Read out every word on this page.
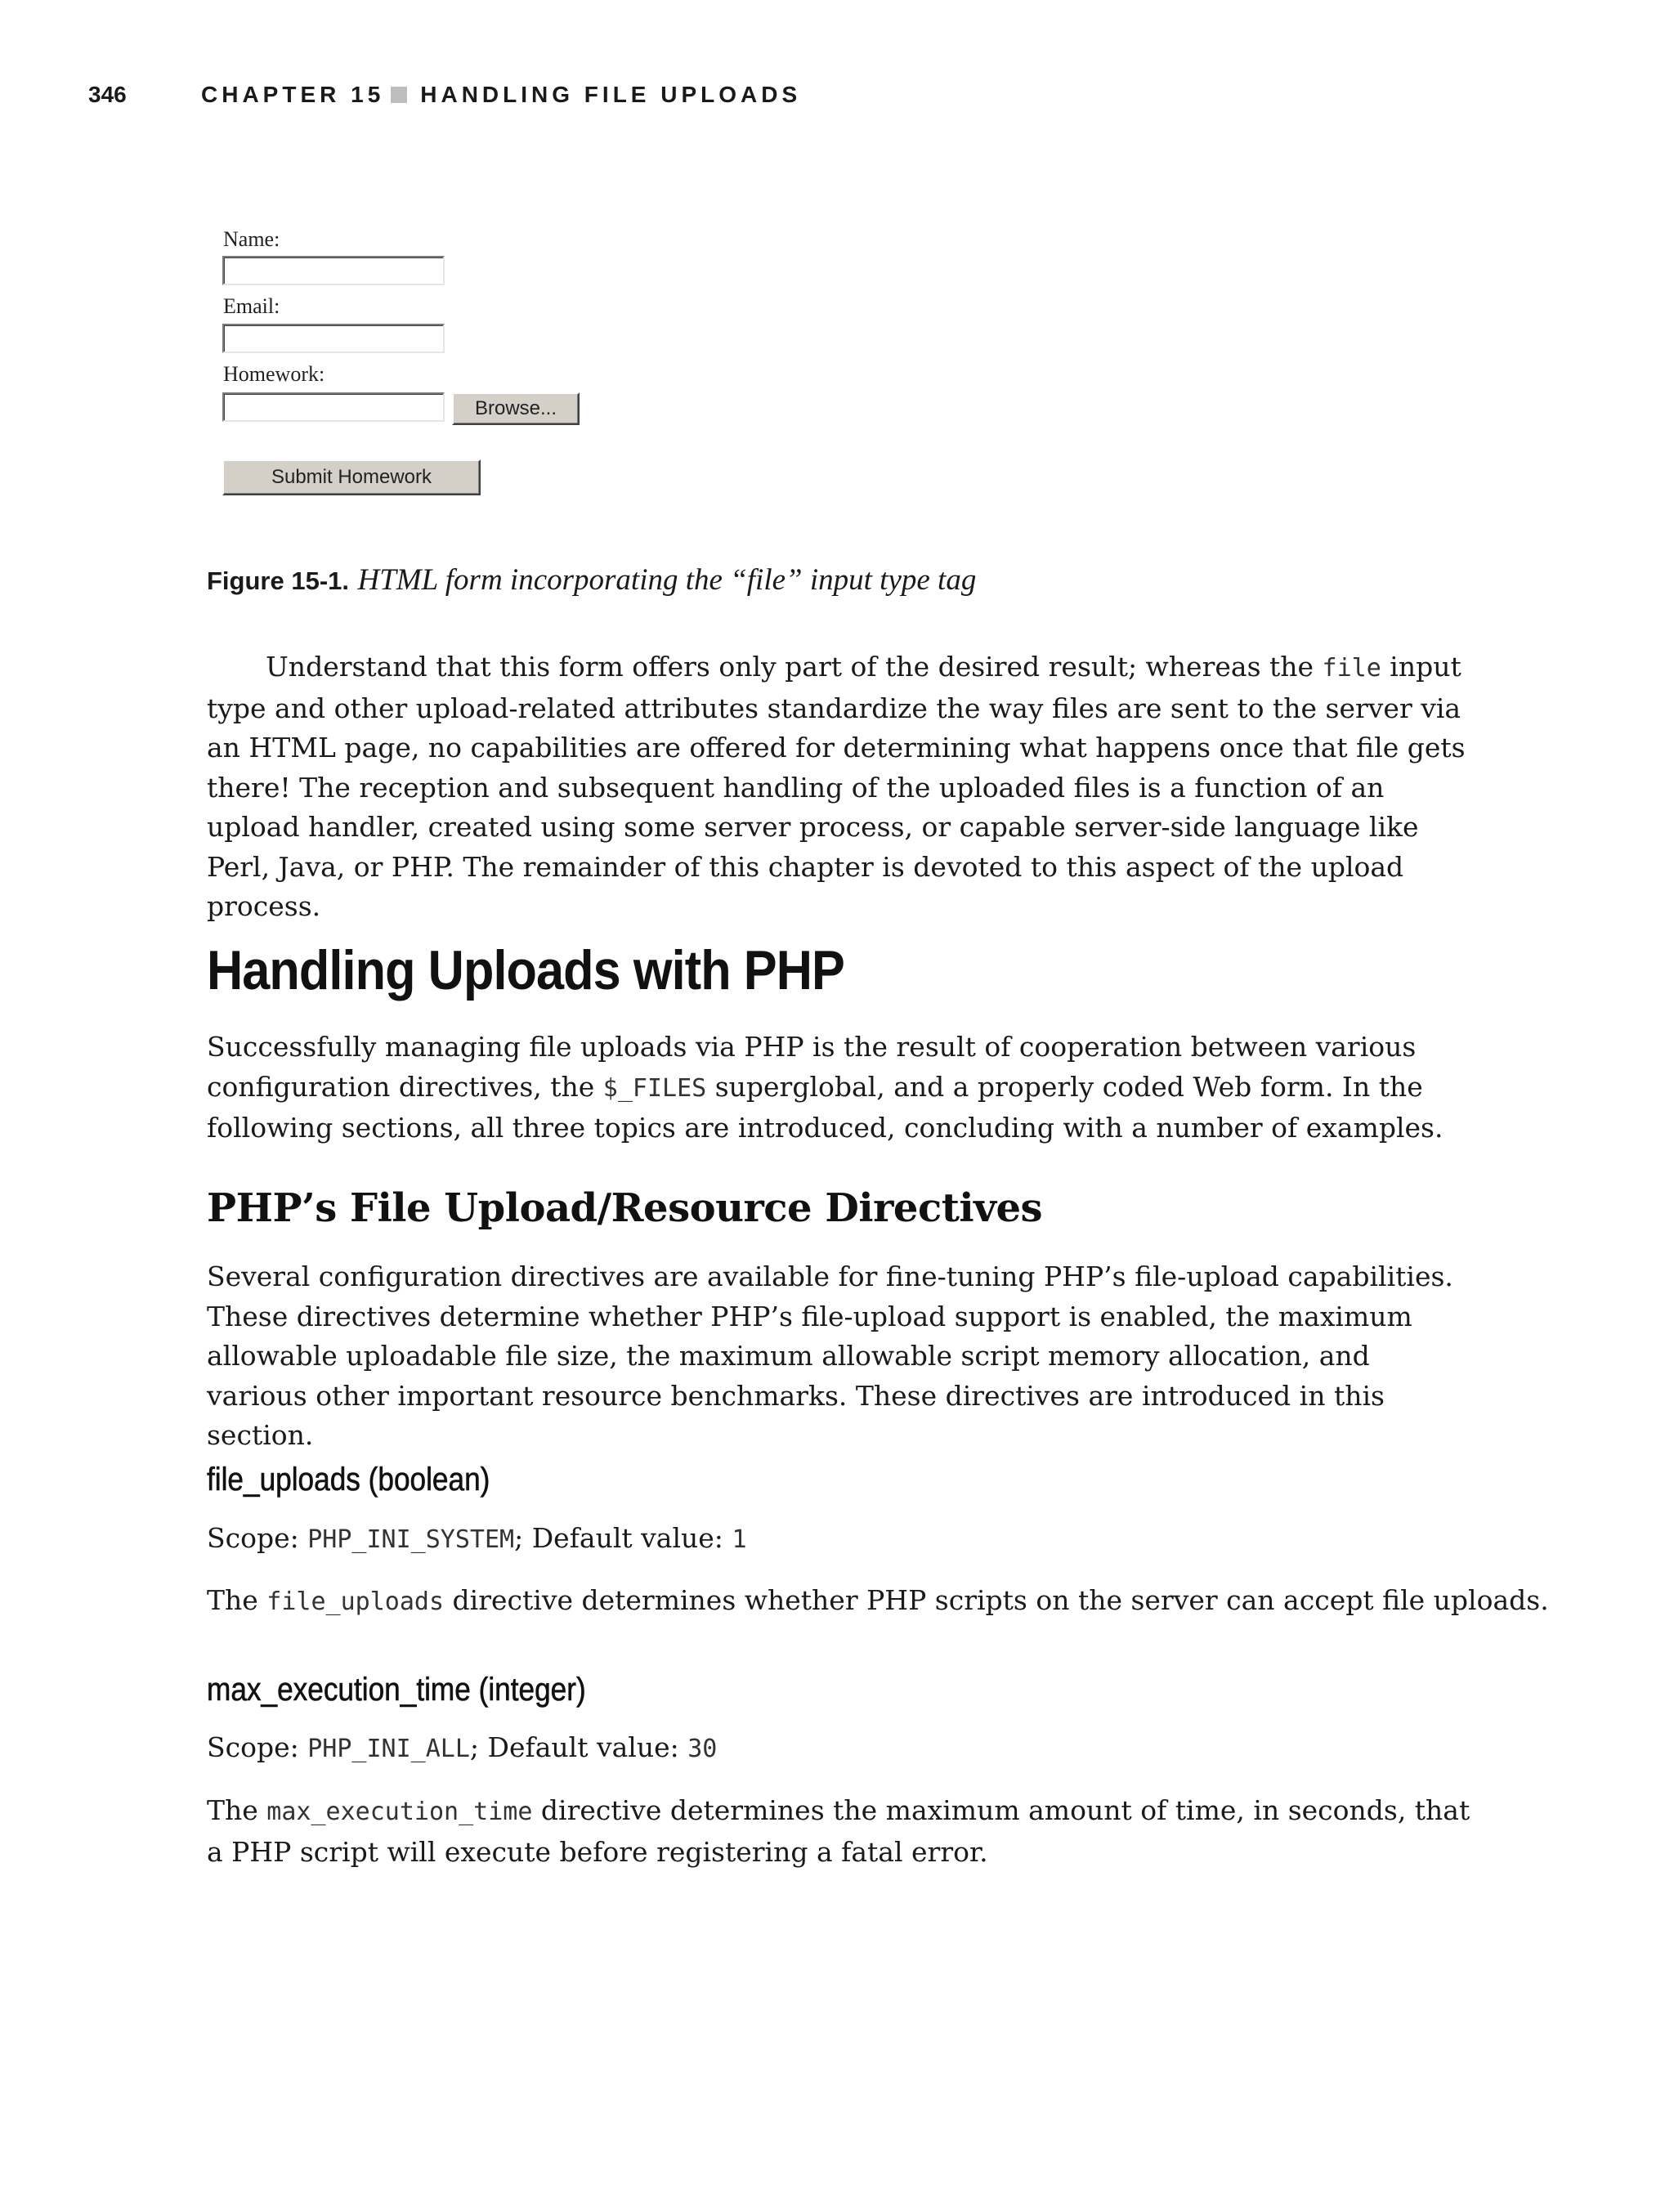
346	CHAPTER 15 HANDLING FILE UPLOADS
Name:
Email:
Homework:
Browse...
Submit Homework
Figure 15-1. HTML form incorporating the “file” input type tag

Understand that this form offers only part of the desired result; whereas the file input type and other upload-related attributes standardize the way files are sent to the server via an HTML page, no capabilities are offered for determining what happens once that file gets there! The reception and subsequent handling of the uploaded files is a function of an upload handler, created using some server process, or capable server-side language like Perl, Java, or PHP. The remainder of this chapter is devoted to this aspect of the upload process.

Handling Uploads with PHP

Successfully managing file uploads via PHP is the result of cooperation between various configuration directives, the $_FILES superglobal, and a properly coded Web form. In the following sections, all three topics are introduced, concluding with a number of examples.

PHP’s File Upload/Resource Directives

Several configuration directives are available for fine-tuning PHP’s file-upload capabilities. These directives determine whether PHP’s file-upload support is enabled, the maximum allowable uploadable file size, the maximum allowable script memory allocation, and various other important resource benchmarks. These directives are introduced in this section.

file_uploads (boolean)
Scope: PHP_INI_SYSTEM; Default value: 1
The file_uploads directive determines whether PHP scripts on the server can accept file uploads.
max_execution_time (integer)
Scope: PHP_INI_ALL; Default value: 30

The max_execution_time directive determines the maximum amount of time, in seconds, that a PHP script will execute before registering a fatal error.
